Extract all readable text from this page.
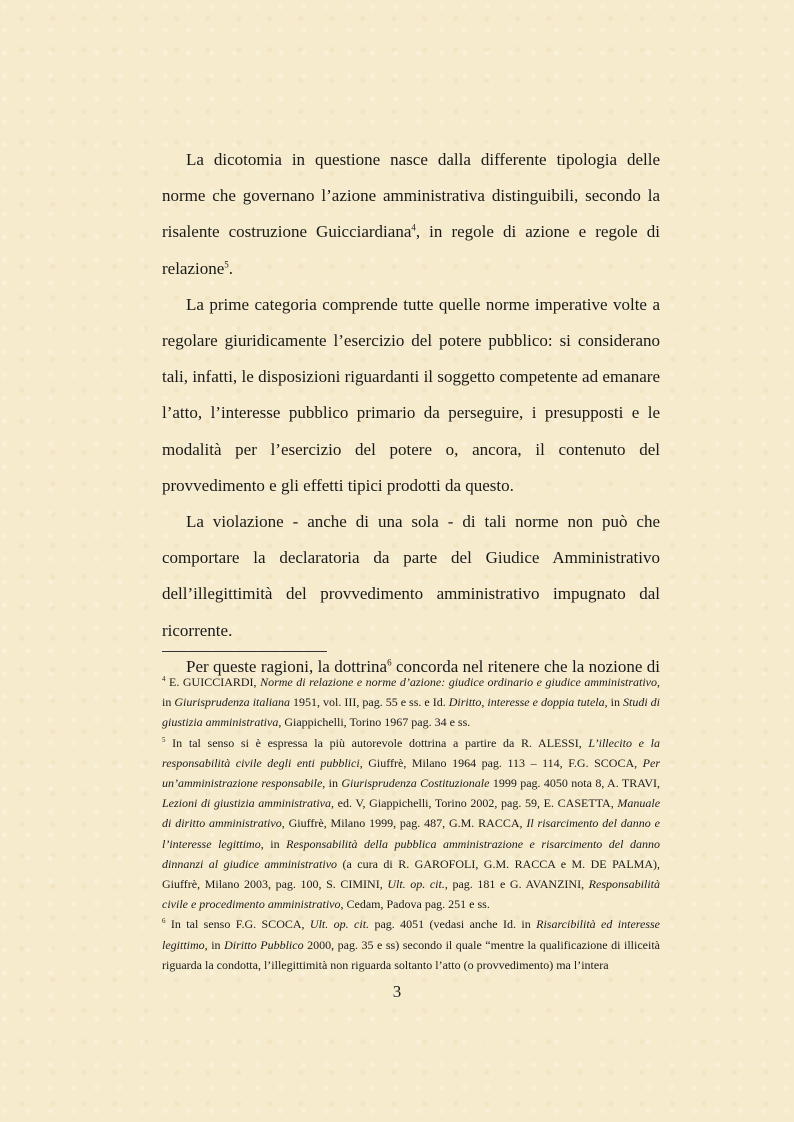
La dicotomia in questione nasce dalla differente tipologia delle norme che governano l’azione amministrativa distinguibili, secondo la risalente costruzione Guicciardiana$^4$, in regole di azione e regole di relazione$^5$.

La prime categoria comprende tutte quelle norme imperative volte a regolare giuridicamente l’esercizio del potere pubblico: si considerano tali, infatti, le disposizioni riguardanti il soggetto competente ad emanare l’atto, l’interesse pubblico primario da perseguire, i presupposti e le modalità per l’esercizio del potere o, ancora, il contenuto del provvedimento e gli effetti tipici prodotti da questo.

La violazione - anche di una sola - di tali norme non può che comportare la declaratoria da parte del Giudice Amministrativo dell’illegittimità del provvedimento amministrativo impugnato dal ricorrente.

Per queste ragioni, la dottrina$^6$ concorda nel ritenere che la nozione di

$^4$ E. GUICCIARDI, Norme di relazione e norme d’azione: giudice ordinario e giudice amministrativo, in Giurisprudenza italiana 1951, vol. III, pag. 55 e ss. e Id. Diritto, interesse e doppia tutela, in Studi di giustizia amministrativa, Giappichelli, Torino 1967 pag. 34 e ss.

$^5$ In tal senso si è espressa la più autorevole dottrina a partire da R. ALESSI, L’illecito e la responsabilità civile degli enti pubblici, Giuffrè, Milano 1964 pag. 113 – 114, F.G. SCOCA, Per un’amministrazione responsabile, in Giurisprudenza Costituzionale 1999 pag. 4050 nota 8, A. TRAVI, Lezioni di giustizia amministrativa, ed. V, Giappichelli, Torino 2002, pag. 59, E. CASETTA, Manuale di diritto amministrativo, Giuffrè, Milano 1999, pag. 487, G.M. RACCA, Il risarcimento del danno e l’interesse legittimo, in Responsabilità della pubblica amministrazione e risarcimento del danno dinnanzi al giudice amministrativo (a cura di R. GAROFOLI, G.M. RACCA e M. DE PALMA), Giuffrè, Milano 2003, pag. 100, S. CIMINI, Ult. op. cit., pag. 181 e G. AVANZINI, Responsabilità civile e procedimento amministrativo, Cedam, Padova pag. 251 e ss.

$^6$ In tal senso F.G. SCOCA, Ult. op. cit. pag. 4051 (vedasi anche Id. in Risarcibilità ed interesse legittimo, in Diritto Pubblico 2000, pag. 35 e ss) secondo il quale “mentre la qualificazione di illiceità riguarda la condotta, l’illegittimità non riguarda soltanto l’atto (o provvedimento) ma l’intera

3
